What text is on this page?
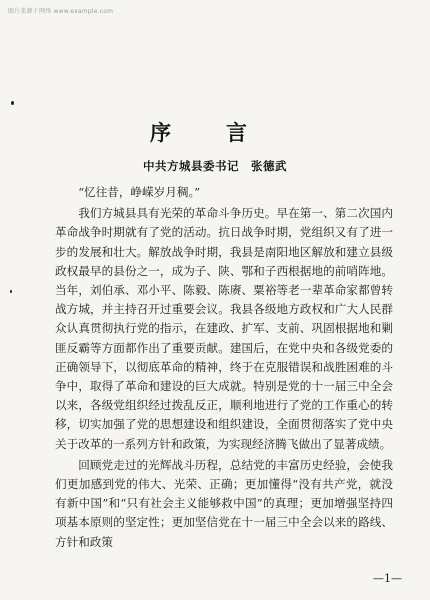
图片来源于网络 www.example.com
序言
中共方城县委书记 张德武

“忆往昔，峥嵘岁月稠。”

我们方城县具有光荣的革命斗争历史。早在第一、第二次国内革命战争时期就有了党的活动。抗日战争时期，党组织又有了进一步的发展和壮大。解放战争时期，我县是南阳地区解放和建立县级政权最早的县份之一，成为子、陕、鄂和子西根据地的前哨阵地。当年，刘伯承、邓小平、陈毅、陈赓、粟裕等老一辈革命家都曾转战方城，并主持召开过重要会议。我县各级地方政权和广大人民群众认真贯彻执行党的指示，在建政、扩军、支前、巩固根据地和剿匪反霸等方面都作出了重要贡献。建国后，在党中央和各级党委的正确领导下，以彻底革命的精神，终于在克服错误和战胜困难的斗争中，取得了革命和建设的巨大成就。特别是党的十一届三中全会以来，各级党组织经过拨乱反正，顺利地进行了党的工作重心的转移，切实加强了党的思想建设和组织建设，全面贯彻落实了党中央关于改革的一系列方针和政策，为实现经济腾飞做出了显著成绩。

回顾党走过的光辉战斗历程，总结党的丰富历史经验，会使我们更加感到党的伟大、光荣、正确；更加懂得“没有共产党，就没有新中国”和“只有社会主义能够救中国”的真理；更加增强坚持四项基本原则的坚定性；更加坚信党在十一届三中全会以来的路线、方针和政策

—1—
